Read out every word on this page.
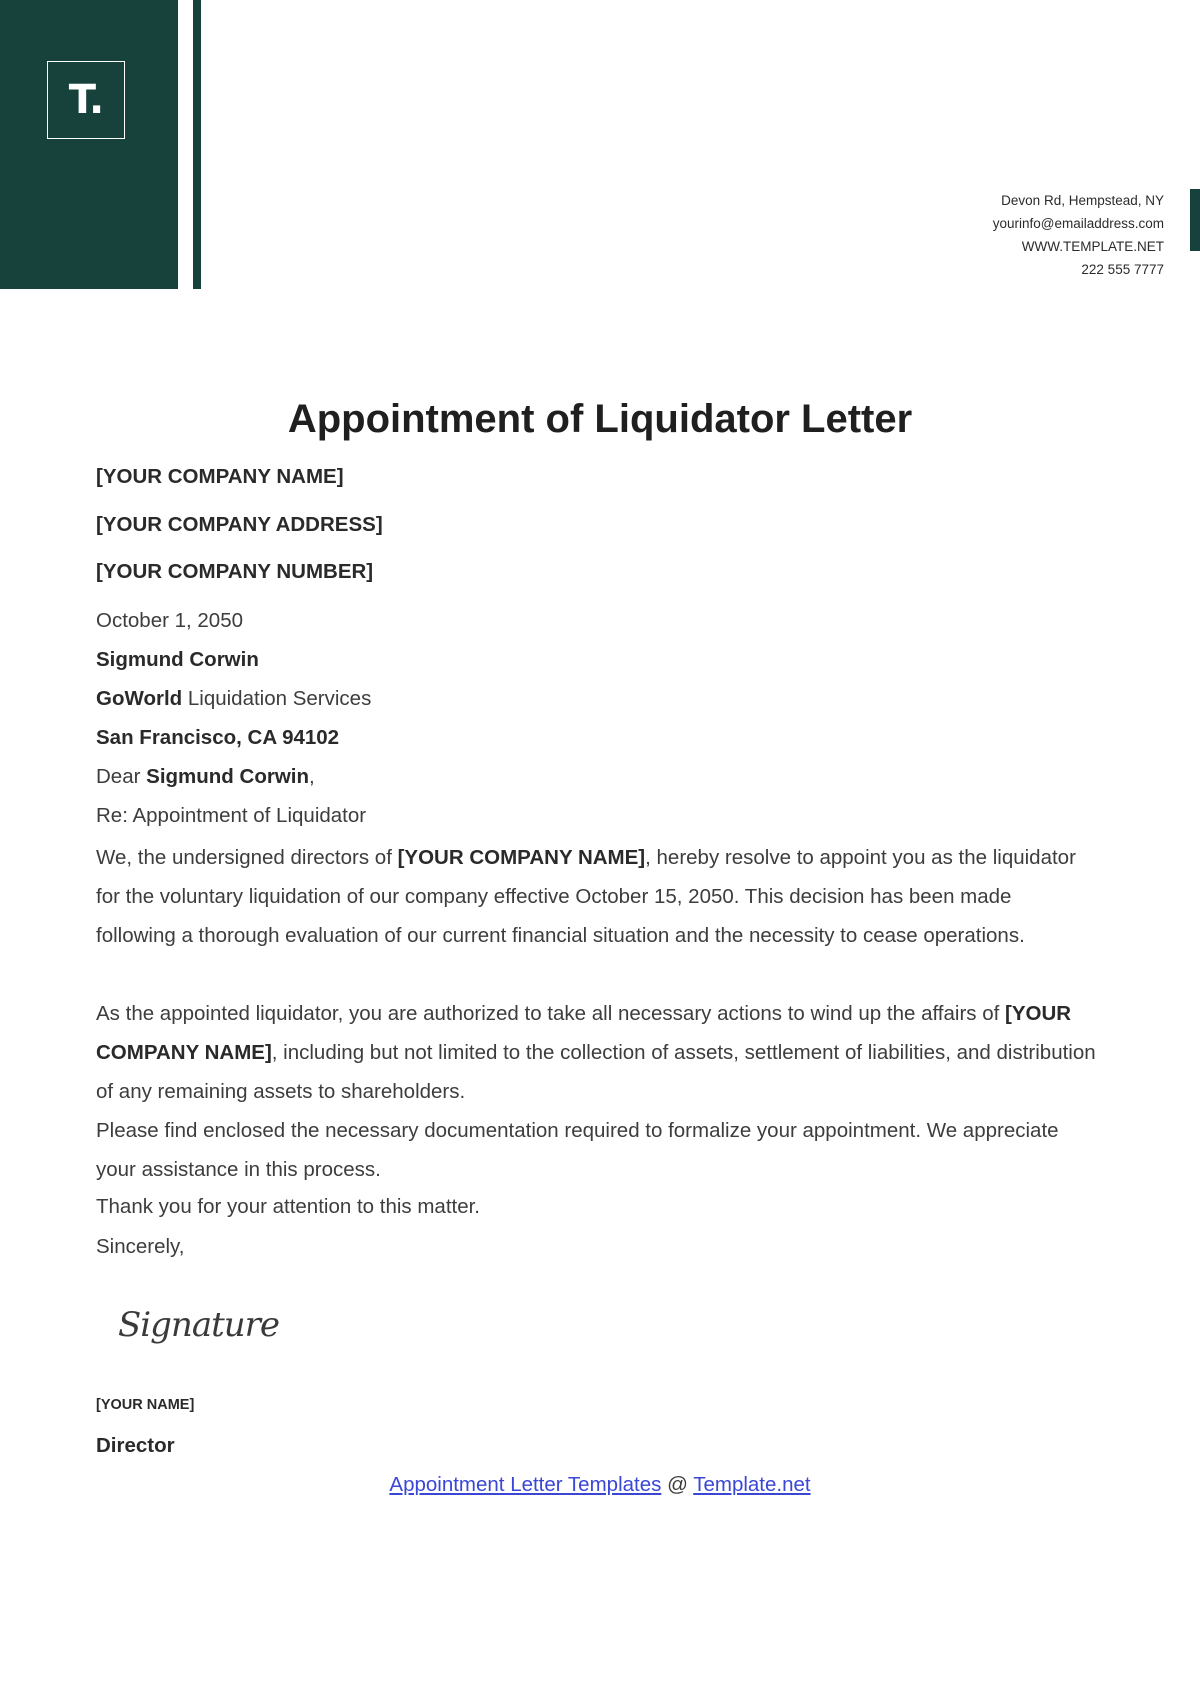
T.
Devon Rd, Hempstead, NY
yourinfo@emailaddress.com
WWW.TEMPLATE.NET
222 555 7777
Appointment of Liquidator Letter
[YOUR COMPANY NAME]
[YOUR COMPANY ADDRESS]
[YOUR COMPANY NUMBER]
October 1, 2050
Sigmund Corwin
GoWorld Liquidation Services
San Francisco, CA 94102
Dear Sigmund Corwin,
Re: Appointment of Liquidator
We, the undersigned directors of [YOUR COMPANY NAME], hereby resolve to appoint you as the liquidator for the voluntary liquidation of our company effective October 15, 2050. This decision has been made following a thorough evaluation of our current financial situation and the necessity to cease operations.
As the appointed liquidator, you are authorized to take all necessary actions to wind up the affairs of [YOUR COMPANY NAME], including but not limited to the collection of assets, settlement of liabilities, and distribution of any remaining assets to shareholders.
Please find enclosed the necessary documentation required to formalize your appointment. We appreciate your assistance in this process.
Thank you for your attention to this matter.
Sincerely,
[YOUR NAME]
Director
Signature
Appointment Letter Templates @ Template.net
